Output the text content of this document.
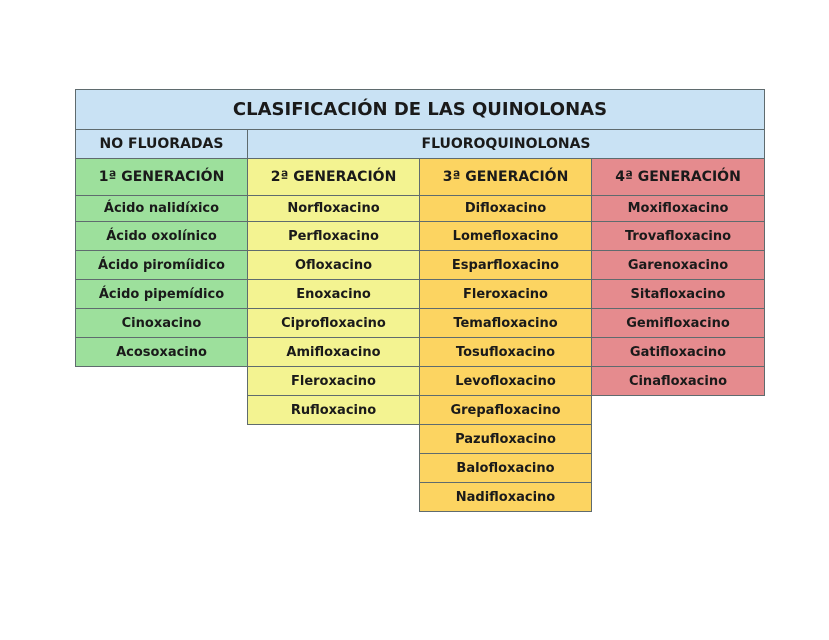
CLASIFICACIÓN DE LAS QUINOLONAS
NO FLUORADAS	FLUOROQUINOLONAS
1ª GENERACIÓN
Ácido nalidíxico
Ácido oxolínico
Ácido piromíidico
Ácido pipemídico
Cinoxacino
Acosoxacino
2ª GENERACIÓN
Norfloxacino
Perfloxacino
Ofloxacino
Enoxacino
Ciprofloxacino
Amifloxacino
Fleroxacino
Rufloxacino
3ª GENERACIÓN
Difloxacino
Lomefloxacino
Esparfloxacino
Fleroxacino
Temafloxacino
Tosufloxacino
Levofloxacino
Grepafloxacino
Pazufloxacino
Balofloxacino
Nadifloxacino
4ª GENERACIÓN
Moxifloxacino
Trovafloxacino
Garenoxacino
Sitafloxacino
Gemifloxacino
Gatifloxacino
Cinafloxacino
